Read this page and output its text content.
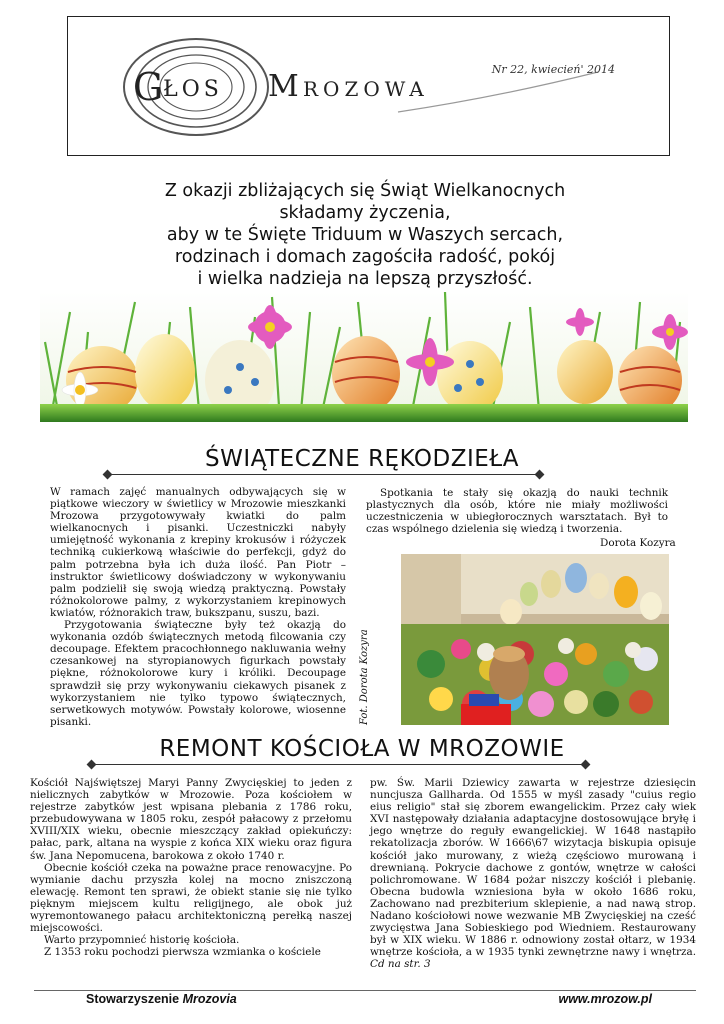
G
ŁOS M ROZOWA
Nr 22, kwiecień' 2014
Z okazji zbliżających się Świąt Wielkanocnych
składamy życzenia,
aby w te Święte Triduum w Waszych sercach,
rodzinach i domach zagościła radość, pokój
i wielka nadzieja na lepszą przyszłość.
ŚWIĄTECZNE RĘKODZIEŁA

W ramach zajęć manualnych odbywających się w piątkowe wieczory w świetlicy w Mrozowie mieszkanki Mrozowa przygotowywały kwiatki do palm wielkanocnych i pisanki. Uczestniczki nabyły umiejętność wykonania z krepiny krokusów i różyczek techniką cukierkową właściwie do perfekcji, gdyż do palm potrzebna była ich duża ilość. Pan Piotr – instruktor świetlicowy doświadczony w wykonywaniu palm podzielił się swoją wiedzą praktyczną. Powstały różnokolorowe palmy, z wykorzystaniem krepinowych kwiatów, różnorakich traw, bukszpanu, suszu, bazi.

Przygotowania świąteczne były też okazją do wykonania ozdób świątecznych metodą filcowania czy decoupage. Efektem pracochłonnego nakluwania wełny czesankowej na styropianowych figurkach powstały piękne, różnokolorowe kury i króliki. Decoupage sprawdził się przy wykonywaniu ciekawych pisanek z wykorzystaniem nie tylko typowo świątecznych, serwetkowych motywów. Powstały kolorowe, wiosenne pisanki.

Spotkania te stały się okazją do nauki technik plastycznych dla osób, które nie miały możliwości uczestniczenia w ubiegłorocznych warsztatach. Był to czas wspólnego dzielenia się wiedzą i tworzenia.
Dorota Kozyra
Fot. Dorota Kozyra
REMONT KOŚCIOŁA W MROZOWIE

Kościół Najświętszej Maryi Panny Zwycięskiej to jeden z nielicznych zabytków w Mrozowie. Poza kościołem w rejestrze zabytków jest wpisana plebania z 1786 roku, przebudowywana w 1805 roku, zespół pałacowy z przełomu XVIII/XIX wieku, obecnie mieszczący zakład opiekuńczy: pałac, park, altana na wyspie z końca XIX wieku oraz figura św. Jana Nepomucena, barokowa z około 1740 r.

Obecnie kościół czeka na poważne prace renowacyjne. Po wymianie dachu przyszła kolej na mocno zniszczoną elewację. Remont ten sprawi, że obiekt stanie się nie tylko pięknym miejscem kultu religijnego, ale obok już wyremontowanego pałacu architektoniczną perełką naszej miejscowości.

Warto przypomnieć historię kościoła.

Z 1353 roku pochodzi pierwsza wzmianka o kościele

pw. Św. Marii Dziewicy zawarta w rejestrze dziesięcin nuncjusza Gallharda. Od 1555 w myśl zasady "cuius regio eius religio" stał się zborem ewangelickim. Przez cały wiek XVI następowały działania adaptacyjne dostosowujące bryłę i jego wnętrze do reguły ewangelickiej. W 1648 nastąpiło rekatolizacja zborów. W 1666\67 wizytacja biskupia opisuje kościół jako murowany, z wieżą częściowo murowaną i drewnianą. Pokrycie dachowe z gontów, wnętrze w całości polichromowane. W 1684 pożar niszczy kościół i plebanię. Obecna budowla wzniesiona była w około 1686 roku, Zachowano nad prezbiterium sklepienie, a nad nawą strop. Nadano kościołowi nowe wezwanie MB Zwycięskiej na cześć zwycięstwa Jana Sobieskiego pod Wiedniem. Restaurowany był w XIX wieku. W 1886 r. odnowiony został ołtarz, w 1934 wnętrze kościoła, a w 1935 tynki zewnętrzne nawy i wnętrza. Cd na str. 3
Stowarzyszenie Mrozovia	www.mrozow.pl
